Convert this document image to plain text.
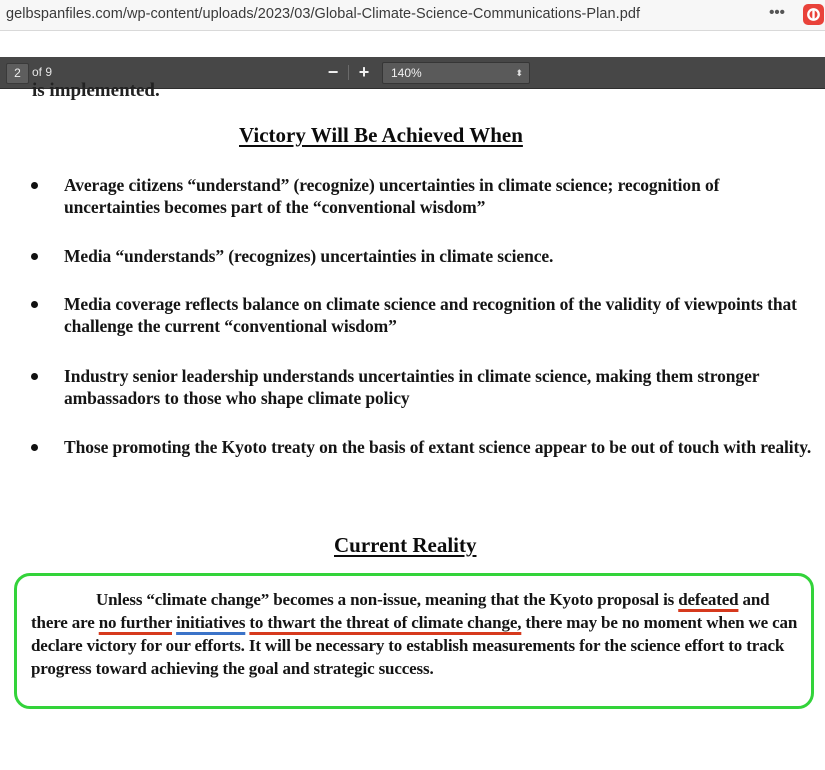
gelbspanfiles.com/wp-content/uploads/2023/03/Global-Climate-Science-Communications-Plan.pdf	•••
2 of 9	− +	140%	⬍
is implemented.
Victory Will Be Achieved When
Average citizens “understand” (recognize) uncertainties in climate science; recognition of uncertainties becomes part of the “conventional wisdom”
Media “understands” (recognizes) uncertainties in climate science.
Media coverage reflects balance on climate science and recognition of the validity of viewpoints that challenge the current “conventional wisdom”
Industry senior leadership understands uncertainties in climate science, making them stronger ambassadors to those who shape climate policy
Those promoting the Kyoto treaty on the basis of extant science appear to be out of touch with reality.
Current Reality
Unless “climate change” becomes a non-issue, meaning that the Kyoto proposal is defeated and there are no further initiatives to thwart the threat of climate change, there may be no moment when we can declare victory for our efforts. It will be necessary to establish measurements for the science effort to track progress toward achieving the goal and strategic success.
